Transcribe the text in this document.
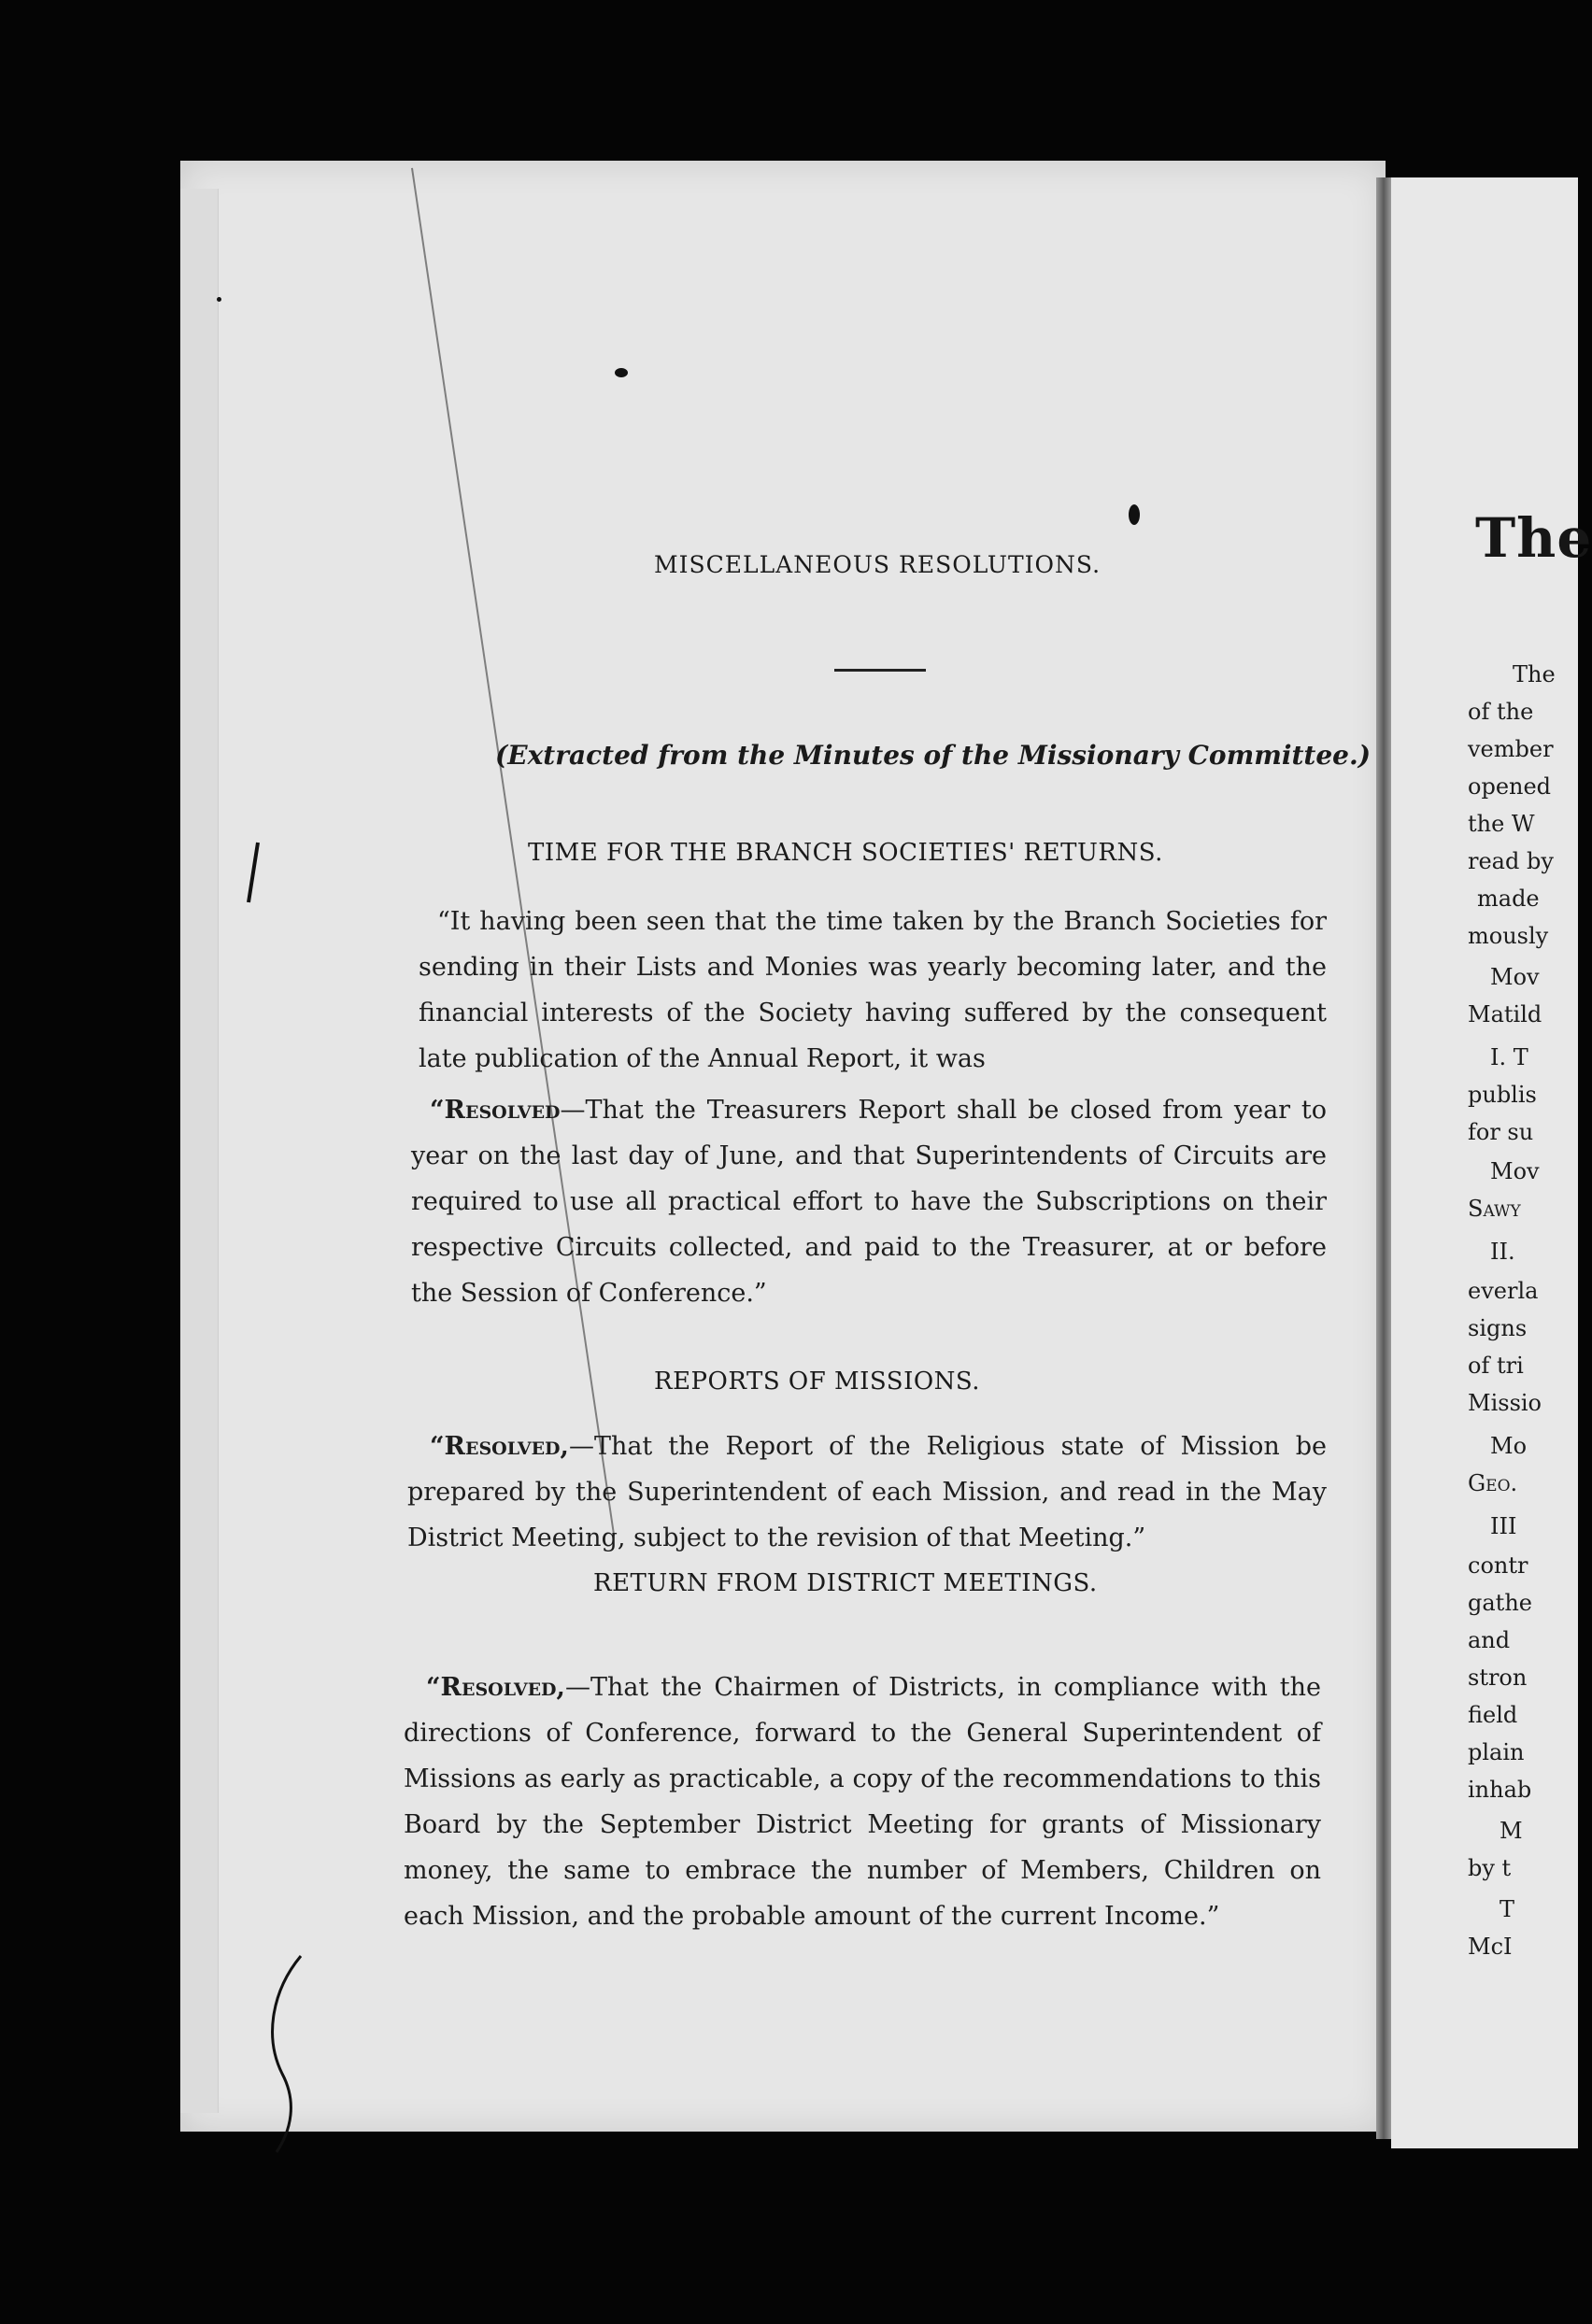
MISCELLANEOUS RESOLUTIONS.
(Extracted from the Minutes of the Missionary Committee.)
TIME FOR THE BRANCH SOCIETIES' RETURNS.
“It having been seen that the time taken by the Branch Societies for sending in their Lists and Monies was yearly becoming later, and the financial interests of the Society having suffered by the consequent late publication of the Annual Report, it was
“Resolved—That the Treasurers Report shall be closed from year to year on the last day of June, and that Superintendents of Circuits are required to use all practical effort to have the Subscriptions on their respective Circuits collected, and paid to the Treasurer, at or before the Session of Conference.”
REPORTS OF MISSIONS.
“Resolved,—That the Report of the Religious state of Mission be prepared by the Superintendent of each Mission, and read in the May District Meeting, subject to the revision of that Meeting.”
RETURN FROM DISTRICT MEETINGS.
“Resolved,—That the Chairmen of Districts, in compliance with the directions of Conference, forward to the General Superintendent of Missions as early as practicable, a copy of the recommendations to this Board by the September District Meeting for grants of Missionary money, the same to embrace the number of Members, Children on each Mission, and the probable amount of the current Income.”
The
The
of the
vember
opened
the W
read by
made
mously
Mov
Matild
I. T
publis
for su
Mov
Sawy
II.
everla
signs
of tri
Missio
Mo
Geo.
III
contr
gathe
and
stron
field
plain
inhab
M
by t
T
McI
